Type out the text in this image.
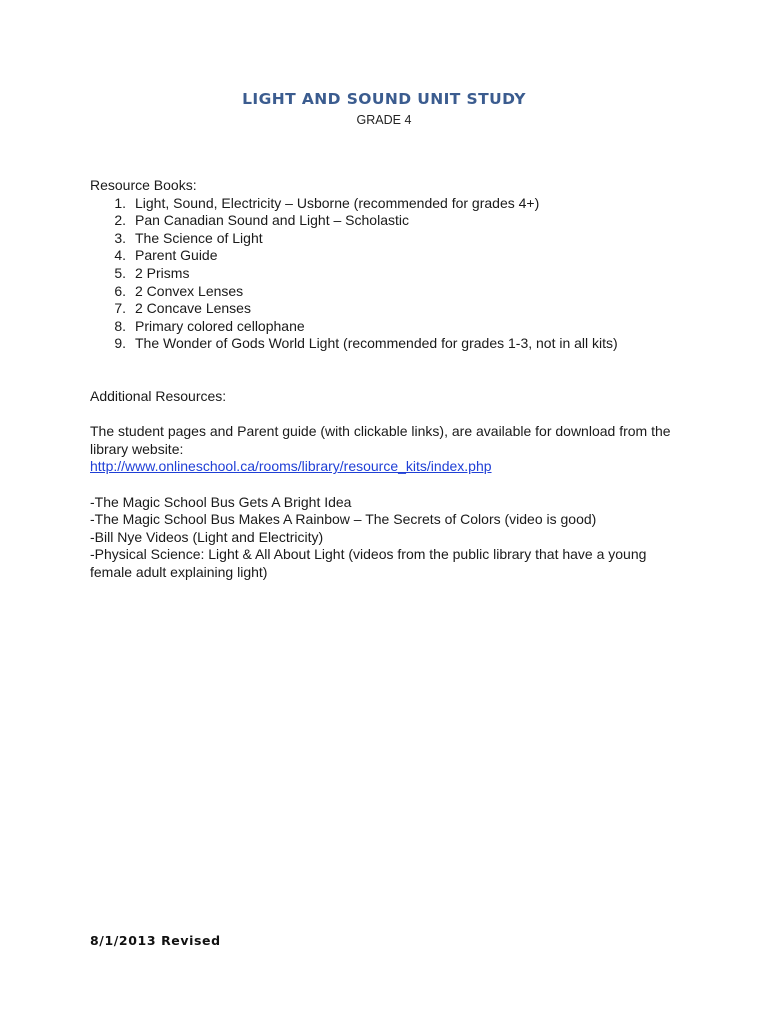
LIGHT AND SOUND UNIT STUDY
GRADE 4

Resource Books:

1. Light, Sound, Electricity – Usborne (recommended for grades 4+)
2. Pan Canadian Sound and Light – Scholastic
3. The Science of Light
4. Parent Guide
5. 2 Prisms
6. 2 Convex Lenses
7. 2 Concave Lenses
8. Primary colored cellophane
9. The Wonder of Gods World Light (recommended for grades 1-3, not in all kits)

Additional Resources:

The student pages and Parent guide (with clickable links), are available for download from the library website:

http://www.onlineschool.ca/rooms/library/resource_kits/index.php

-The Magic School Bus Gets A Bright Idea

-The Magic School Bus Makes A Rainbow – The Secrets of Colors (video is good)

-Bill Nye Videos (Light and Electricity)

-Physical Science: Light & All About Light (videos from the public library that have a young female adult explaining light)

8/1/2013 Revised
